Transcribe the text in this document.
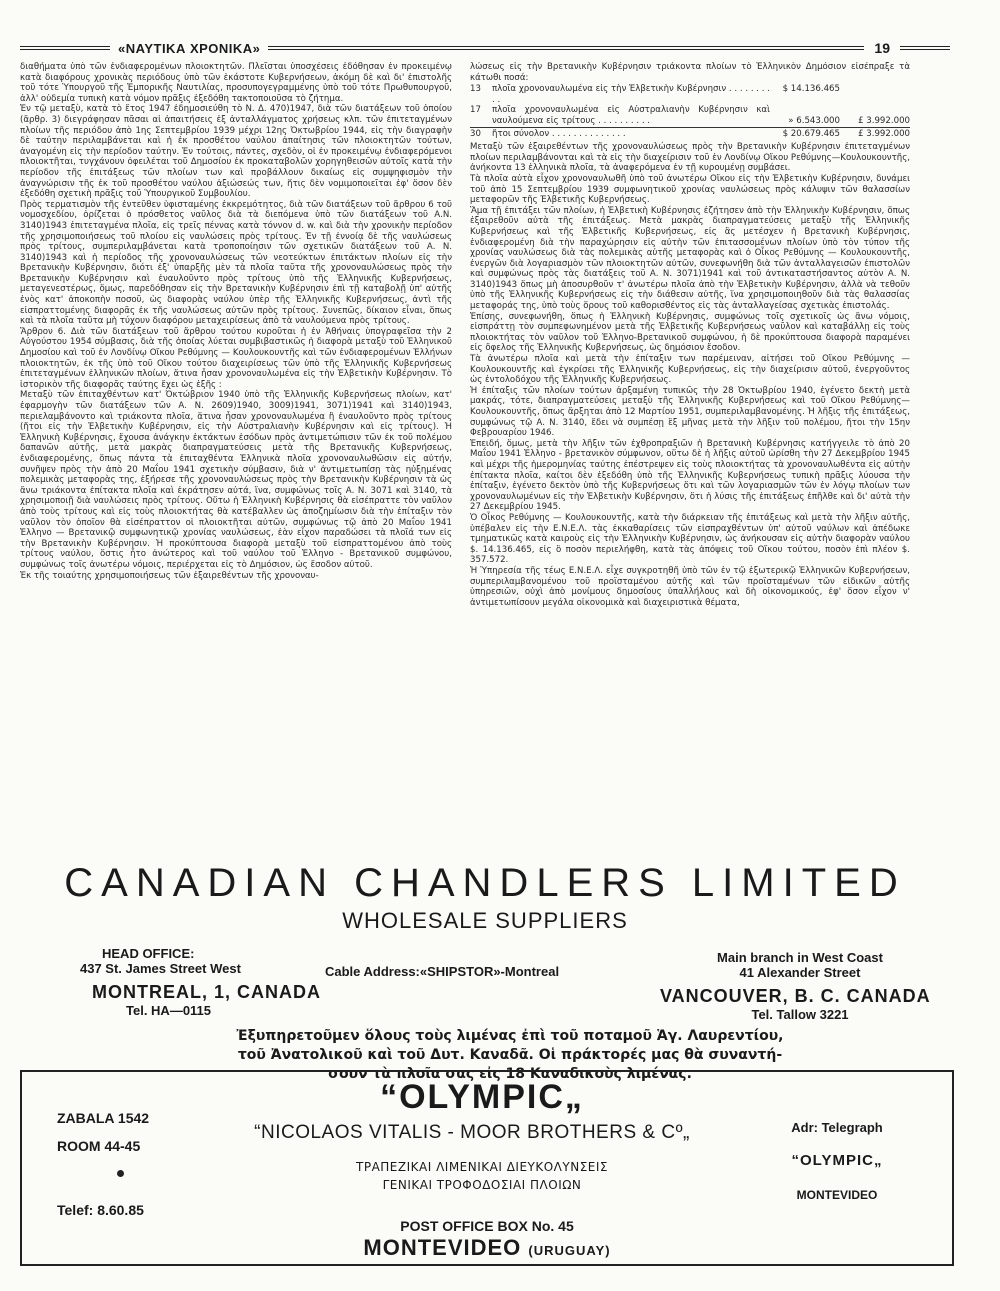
«ΝΑΥΤΙΚΑ ΧΡΟΝΙΚΑ»	19

διαθήματα ὑπὸ τῶν ἐνδιαφερομένων πλοιοκτητῶν. Πλεῖσται ὑποσχέσεις ἐδόθησαν ἐν προκειμένῳ κατὰ διαφόρους χρονικὰς περιόδους ὑπὸ τῶν ἑκάστοτε Κυβερνήσεων, ἀκόμη δὲ καὶ δι' ἐπιστολῆς τοῦ τότε Ὑπουργοῦ τῆς Ἐμπορικῆς Ναυτιλίας, προσυπογεγραμμένης ὑπὸ τοῦ τότε Πρωθυπουργοῦ, ἀλλ' οὐδεμία τυπικὴ κατὰ νόμον πρᾶξις ἐξεδόθη τακτοποιοῦσα τὸ ζήτημα.

Ἐν τῷ μεταξὺ, κατὰ τὸ ἔτος 1947 ἐδημοσιεύθη τὸ Ν. Δ. 470)1947, διὰ τῶν διατάξεων τοῦ ὁποίου (ἄρθρ. 3) διεγράφησαν πᾶσαι αἱ ἀπαιτήσεις ἐξ ἀνταλλάγματος χρήσεως κλπ. τῶν ἐπιτεταγμένων πλοίων τῆς περιόδου ἀπὸ 1ης Σεπτεμβρίου 1939 μέχρι 12ης Ὀκτωβρίου 1944, εἰς τὴν διαγραφὴν δὲ ταύτην περιλαμβάνεται καὶ ἡ ἐκ προσθέτου ναύλου ἀπαίτησις τῶν πλοιοκτητῶν τούτων, ἀναγομένη εἰς τὴν περίοδον ταύτην. Ἐν τούτοις, πάντες, σχεδὸν, οἱ ἐν προκειμένῳ ἐνδιαφερόμενοι πλοιοκτῆται, τυγχάνουν ὀφειλέται τοῦ Δημοσίου ἐκ προκαταβολῶν χορηγηθεισῶν αὐτοῖς κατὰ τὴν περίοδον τῆς ἐπιτάξεως τῶν πλοίων των καὶ προβάλλουν δικαίως εἰς συμψηφισμὸν τὴν ἀναγνώρισιν τῆς ἐκ τοῦ προσθέτου ναύλου ἀξιώσεώς των, ἥτις δὲν νομιμοποιεῖται ἐφ' ὅσον δὲν ἐξεδόθη σχετικὴ πρᾶξις τοῦ Ὑπουργικοῦ Συμβουλίου.

Πρὸς τερματισμὸν τῆς ἐντεῦθεν ὑφισταμένης ἐκκρεμότητος, διὰ τῶν διατάξεων τοῦ ἄρθρου 6 τοῦ νομοσχεδίου, ὁρίζεται ὁ πρόσθετος ναῦλος διὰ τὰ διεπόμενα ὑπὸ τῶν διατάξεων τοῦ Α.Ν. 3140)1943 ἐπιτεταγμένα πλοῖα, εἰς τρεῖς πέννας κατὰ τόννον d. w. καὶ διὰ τὴν χρονικὴν περίοδον τῆς χρησιμοποιήσεως τοῦ πλοίου εἰς ναυλώσεις πρὸς τρίτους. Ἐν τῇ ἐννοίᾳ δὲ τῆς ναυλώσεως πρὸς τρίτους, συμπεριλαμβάνεται κατὰ τροποποίησιν τῶν σχετικῶν διατάξεων τοῦ Α. Ν. 3140)1943 καὶ ἡ περίοδος τῆς χρονοναυλώσεως τῶν νεοτεύκτων ἐπιτάκτων πλοίων εἰς τὴν Βρετανικὴν Κυβέρνησιν, διότι ἐξ' ὑπαρξῆς μὲν τὰ πλοῖα ταῦτα τῆς χρονοναυλώσεως πρὸς τὴν Βρετανικὴν Κυβέρνησιν καὶ ἐναυλοῦντο πρὸς τρίτους ὑπὸ τῆς Ἑλληνικῆς Κυβερνήσεως, μεταγενεστέρως, ὅμως, παρεδόθησαν εἰς τὴν Βρετανικὴν Κυβέρνησιν ἐπὶ τῇ καταβολῇ ὑπ' αὐτῆς ἑνὸς κατ' ἀποκοπὴν ποσοῦ, ὡς διαφορὰς ναύλου ὑπὲρ τῆς Ἑλληνικῆς Κυβερνήσεως, ἀντὶ τῆς εἰσπραττομένης διαφορᾶς ἐκ τῆς ναυλώσεως αὐτῶν πρὸς τρίτους. Συνεπῶς, δίκαιον εἶναι, ὅπως καὶ τὰ πλοῖα ταῦτα μὴ τύχουν διαφόρου μεταχειρίσεως ἀπὸ τὰ ναυλούμενα πρὸς τρίτους.

Ἄρθρον 6. Διὰ τῶν διατάξεων τοῦ ἄρθρου τούτου κυροῦται ἡ ἐν Ἀθήναις ὑπογραφεῖσα τὴν 2 Αὐγούστου 1954 σύμβασις, διὰ τῆς ὁποίας λύεται συμβιβαστικῶς ἡ διαφορὰ μεταξὺ τοῦ Ἑλληνικοῦ Δημοσίου καὶ τοῦ ἐν Λονδίνῳ Οἴκου Ρεθύμνης — Κουλουκουντῆς καὶ τῶν ἐνδιαφερομένων Ἑλλήνων πλοιοκτητῶν, ἐκ τῆς ὑπὸ τοῦ Οἴκου τούτου διαχειρίσεως τῶν ὑπὸ τῆς Ἑλληνικῆς Κυβερνήσεως ἐπιτεταγμένων ἑλληνικῶν πλοίων, ἅτινα ἦσαν χρονοναυλωμένα εἰς τὴν Ἐλβετικὴν Κυβέρνησιν. Τὸ ἱστορικὸν τῆς διαφορᾶς ταύτης ἔχει ὡς ἑξῆς :

Μεταξὺ τῶν ἐπιταχθέντων κατ' Ὀκτώβριον 1940 ὑπὸ τῆς Ἑλληνικῆς Κυβερνήσεως πλοίων, κατ' ἐφαρμογὴν τῶν διατάξεων τῶν Α. Ν. 2609)1940, 3009)1941, 3071)1941 καὶ 3140)1943, περιελαμβάνοντο καὶ τριάκοντα πλοῖα, ἅτινα ἦσαν χρονοναυλωμένα ἢ ἐναυλοῦντο πρὸς τρίτους (ἤτοι εἰς τὴν Ἐλβετικὴν Κυβέρνησιν, εἰς τὴν Αὐστραλιανὴν Κυβέρνησιν καὶ εἰς τρίτους). Ἡ Ἑλληνικὴ Κυβέρνησις, ἔχουσα ἀνάγκην ἐκτάκτων ἐσόδων πρὸς ἀντιμετώπισιν τῶν ἐκ τοῦ πολέμου δαπανῶν αὐτῆς, μετὰ μακρὰς διαπραγματεύσεις μετὰ τῆς Βρετανικῆς Κυβερνήσεως, ἐνδιαφερομένης, ὅπως πάντα τὰ ἐπιταχθέντα Ἑλληνικὰ πλοῖα χρονοναυλωθῶσιν εἰς αὐτήν, συνῆψεν πρὸς τὴν ἀπὸ 20 Μαΐου 1941 σχετικὴν σύμβασιν, διὰ ν' ἀντιμετωπίσῃ τὰς ηὐξημένας πολεμικὰς μεταφορὰς της, ἐξήρεσε τῆς χρονοναυλώσεως πρὸς τὴν Βρετανικὴν Κυβέρνησιν τὰ ὡς ἄνω τριάκοντα ἐπίτακτα πλοῖα καὶ ἐκράτησεν αὐτά, ἵνα, συμφώνως τοῖς Α. Ν. 3071 καὶ 3140, τὰ χρησιμοποιῇ διὰ ναυλώσεις πρὸς τρίτους. Οὕτω ἡ Ἑλληνικὴ Κυβέρνησις θὰ εἰσέπραττε τὸν ναῦλον ἀπὸ τοὺς τρίτους καὶ εἰς τοὺς πλοιοκτήτας θὰ κατέβαλλεν ὡς ἀποζημίωσιν διὰ τὴν ἐπίταξιν τὸν ναῦλον τὸν ὁποῖον θὰ εἰσέπραττον οἱ πλοιοκτῆται αὐτῶν, συμφώνως τῷ ἀπὸ 20 Μαΐου 1941 Ἑλληνο — Βρετανικῷ συμφωνητικῷ χρονίας ναυλώσεως, ἐὰν εἶχον παραδώσει τὰ πλοῖά των εἰς τὴν Βρετανικὴν Κυβέρνησιν. Ἡ προκύπτουσα διαφορὰ μεταξὺ τοῦ εἰσπραττομένου ἀπὸ τοὺς τρίτους ναύλου, ὅστις ἦτο ἀνώτερος καὶ τοῦ ναύλου τοῦ Ἑλληνο - Βρετανικοῦ συμφώνου, συμφώνως τοῖς ἀνωτέρω νόμοις, περιέρχεται εἰς τὸ Δημόσιον, ὡς ἔσοδον αὐτοῦ.

Ἐκ τῆς τοιαύτης χρησιμοποιήσεως τῶν ἐξαιρεθέντων τῆς χρονοναυ-

λώσεως εἰς τὴν Βρετανικὴν Κυβέρνησιν τριάκοντα πλοίων τὸ Ἑλληνικὸν Δημόσιον εἰσέπραξε τὰ κάτωθι ποσά:

13	πλοῖα χρονοναυλωμένα εἰς τὴν Ἐλβετικὴν Κυβέρνησιν . . . . . . . . . .	$ 14.136.465	
17	πλοῖα χρονοναυλωμένα εἰς Αὐστραλιανὴν Κυβέρνησιν καὶ ναυλούμενα εἰς τρίτους . . . . . . . . . .	» 6.543.000	£ 3.992.000
30	ἤτοι σύνολον . . . . . . . . . . . . . .	$ 20.679.465	£ 3.992.000

Μεταξὺ τῶν ἐξαιρεθέντων τῆς χρονοναυλώσεως πρὸς τὴν Βρετανικὴν Κυβέρνησιν ἐπιτεταγμένων πλοίων περιλαμβάνονται καὶ τὰ εἰς τὴν διαχείρισιν τοῦ ἐν Λονδίνῳ Οἴκου Ρεθύμνης—Κουλουκουντῆς, ἀνήκοντα 13 ἑλληνικὰ πλοῖα, τὰ ἀναφερόμενα ἐν τῇ κυρουμένῃ συμβάσει.

Τὰ πλοῖα αὐτὰ εἶχον χρονοναυλωθῆ ὑπὸ τοῦ ἀνωτέρω Οἴκου εἰς τὴν Ἐλβετικὴν Κυβέρνησιν, δυνάμει τοῦ ἀπὸ 15 Σεπτεμβρίου 1939 συμφωνητικοῦ χρονίας ναυλώσεως πρὸς κάλυψιν τῶν θαλασσίων μεταφορῶν τῆς Ἐλβετικῆς Κυβερνήσεως.

Ἅμα τῇ ἐπιτάξει τῶν πλοίων, ἡ Ἐλβετικὴ Κυβέρνησις ἐζήτησεν ἀπὸ τὴν Ἑλληνικὴν Κυβέρνησιν, ὅπως ἐξαιρεθοῦν αὐτὰ τῆς ἐπιτάξεως. Μετὰ μακρὰς διαπραγματεύσεις μεταξὺ τῆς Ἑλληνικῆς Κυβερνήσεως καὶ τῆς Ἐλβετικῆς Κυβερνήσεως, εἰς ἃς μετέσχεν ἡ Βρετανικὴ Κυβέρνησις, ἐνδιαφερομένη διὰ τὴν παραχώρησιν εἰς αὐτὴν τῶν ἐπιτασσομένων πλοίων ὑπὸ τὸν τύπον τῆς χρονίας ναυλώσεως διὰ τὰς πολεμικὰς αὐτῆς μεταφορὰς καὶ ὁ Οἶκος Ρεθύμνης — Κουλουκουντῆς, ἐνεργῶν διὰ λογαριασμὸν τῶν πλοιοκτητῶν αὐτῶν, συνεφωνήθη διὰ τῶν ἀνταλλαγεισῶν ἐπιστολῶν καὶ συμφώνως πρὸς τὰς διατάξεις τοῦ Α. Ν. 3071)1941 καὶ τοῦ ἀντικαταστήσαντος αὐτὸν Α. Ν. 3140)1943 ὅπως μὴ ἀποσυρθοῦν τ' ἀνωτέρω πλοῖα ἀπὸ τὴν Ἐλβετικὴν Κυβέρνησιν, ἀλλὰ νὰ τεθοῦν ὑπὸ τῆς Ἑλληνικῆς Κυβερνήσεως εἰς τὴν διάθεσιν αὐτῆς, ἵνα χρησιμοποιηθοῦν διὰ τὰς θαλασσίας μεταφοράς της, ὑπὸ τοὺς ὅρους τοῦ καθορισθέντος εἰς τὰς ἀνταλλαγείσας σχετικὰς ἐπιστολάς.

Ἐπίσης, συνεφωνήθη, ὅπως ἡ Ἑλληνικὴ Κυβέρνησις, συμφώνως τοῖς σχετικοῖς ὡς ἄνω νόμοις, εἰσπράττῃ τὸν συμπεφωνημένον μετὰ τῆς Ἐλβετικῆς Κυβερνήσεως ναῦλον καὶ καταβάλλῃ εἰς τοὺς πλοιοκτήτας τὸν ναῦλον τοῦ Ἑλληνο-Βρετανικοῦ συμφώνου, ἡ δὲ προκύπτουσα διαφορὰ παραμένει εἰς ὄφελος τῆς Ἑλληνικῆς Κυβερνήσεως, ὡς δημόσιον ἔσοδον.

Τὰ ἀνωτέρω πλοῖα καὶ μετὰ τὴν ἐπίταξιν των παρέμειναν, αἰτήσει τοῦ Οἴκου Ρεθύμνης — Κουλουκουντῆς καὶ ἐγκρίσει τῆς Ἑλληνικῆς Κυβερνήσεως, εἰς τὴν διαχείρισιν αὐτοῦ, ἐνεργοῦντος ὡς ἐντολοδόχου τῆς Ἑλληνικῆς Κυβερνήσεως.

Ἡ ἐπίταξις τῶν πλοίων τούτων ἀρξαμένη τυπικῶς τὴν 28 Ὀκτωβρίου 1940, ἐγένετο δεκτὴ μετὰ μακράς, τότε, διαπραγματεύσεις μεταξὺ τῆς Ἑλληνικῆς Κυβερνήσεως καὶ τοῦ Οἴκου Ρεθύμνης—Κουλουκουντῆς, ὅπως ἄρξηται ἀπὸ 12 Μαρτίου 1951, συμπεριλαμβανομένης. Ἡ λῆξις τῆς ἐπιτάξεως, συμφώνως τῷ Α. Ν. 3140, ἔδει νὰ συμπέσῃ ἓξ μῆνας μετὰ τὴν λῆξιν τοῦ πολέμου, ἤτοι τὴν 15ην Φεβρουαρίου 1946.

Ἐπειδή, ὅμως, μετὰ τὴν λῆξιν τῶν ἐχθροπραξιῶν ἡ Βρετανικὴ Κυβέρνησις κατήγγειλε τὸ ἀπὸ 20 Μαΐου 1941 Ἑλληνο - βρετανικὸν σύμφωνον, οὕτω δὲ ἡ λῆξις αὐτοῦ ὡρίσθη τὴν 27 Δεκεμβρίου 1945 καὶ μέχρι τῆς ἡμερομηνίας ταύτης ἐπέστρεψεν εἰς τοὺς πλοιοκτήτας τὰ χρονοναυλωθέντα εἰς αὐτὴν ἐπίτακτα πλοῖα, καίτοι δὲν ἐξεδόθη ὑπὸ τῆς Ἑλληνικῆς Κυβερνήσεως τυπικὴ πρᾶξις λύουσα τὴν ἐπίταξιν, ἐγένετο δεκτὸν ὑπὸ τῆς Κυβερνήσεως ὅτι καὶ τῶν λογαριασμῶν τῶν ἐν λόγῳ πλοίων των χρονοναυλωμένων εἰς τὴν Ἐλβετικὴν Κυβέρνησιν, ὅτι ἡ λύσις τῆς ἐπιτάξεως ἐπῆλθε καὶ δι' αὐτὰ τὴν 27 Δεκεμβρίου 1945.

Ὁ Οἶκος Ρεθύμνης — Κουλουκουντῆς, κατὰ τὴν διάρκειαν τῆς ἐπιτάξεως καὶ μετὰ τὴν λῆξιν αὐτῆς, ὑπέβαλεν εἰς τὴν Ε.Ν.Ε.Λ. τὰς ἐκκαθαρίσεις τῶν εἰσπραχθέντων ὑπ' αὐτοῦ ναύλων καὶ ἀπέδωκε τμηματικῶς κατὰ καιροὺς εἰς τὴν Ἑλληνικὴν Κυβέρνησιν, ὡς ἀνήκουσαν εἰς αὐτὴν διαφορὰν ναύλου $. 14.136.465, εἰς ὃ ποσὸν περιελήφθη, κατὰ τὰς ἀπόψεις τοῦ Οἴκου τούτου, ποσὸν ἐπὶ πλέον $. 357.572.

Ἡ Ὑπηρεσία τῆς τέως Ε.Ν.Ε.Λ. εἶχε συγκροτηθῆ ὑπὸ τῶν ἐν τῷ ἐξωτερικῷ Ἑλληνικῶν Κυβερνήσεων, συμπεριλαμβανομένου τοῦ προϊσταμένου αὐτῆς καὶ τῶν προϊσταμένων τῶν εἰδικῶν αὐτῆς ὑπηρεσιῶν, οὐχὶ ἀπὸ μονίμους δημοσίους ὑπαλλήλους καὶ δὴ οἰκονομικούς, ἐφ' ὅσον εἶχον ν' ἀντιμετωπίσουν μεγάλα οἰκονομικὰ καὶ διαχειριστικὰ θέματα,

CANADIAN CHANDLERS LIMITED
WHOLESALE SUPPLIERS
HEAD OFFICE:
437 St. James Street West
MONTREAL, 1, CANADA
Tel. HA—0115
Cable Address:«SHIPSTOR»-Montreal
Main branch in West Coast
41 Alexander Street
VANCOUVER, B. C. CANADA
Tel. Tallow 3221
Ἐξυπηρετοῦμεν ὅλους τοὺς λιμένας ἐπὶ τοῦ ποταμοῦ Ἁγ. Λαυρεντίου,
τοῦ Ἀνατολικοῦ καὶ τοῦ Δυτ. Καναδᾶ. Οἱ πράκτορές μας θὰ συναντή-
σουν τὰ πλοῖα σας εἰς 18 Καναδικοὺς λιμένας.
ZABALA 1542
ROOM 44-45
Telef: 8.60.85
“OLYMPIC„
“NICOLAOS VITALIS - MOOR BROTHERS & Cº„
ΤΡΑΠΕΖΙΚΑΙ ΛΙΜΕΝΙΚΑΙ ΔΙΕΥΚΟΛΥΝΣΕΙΣ
ΓΕΝΙΚΑΙ ΤΡΟΦΟΔΟΣΙΑΙ ΠΛΟΙΩΝ
POST OFFICE BOX No. 45
MONTEVIDEO (URUGUAY)
Adr: Telegraph
“OLYMPIC„
MONTEVIDEO
